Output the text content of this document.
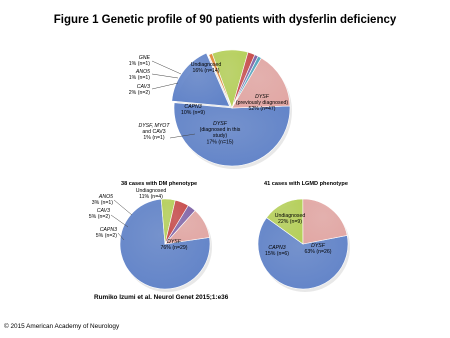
Figure 1 Genetic profile of 90 patients with dysferlin deficiency
DYSF (previously diagnosed) 52% (n=47)
DYSF (diagnosed in this study) 17% (n=15)
DYSF, MYOT and CAV3 1% (n=1)
CAPN3 10% (n=9)
CAV3 2% (n=2)
ANO5 1% (n=1)
GNE 1% (n=1)	Undiagnosed 16% (n=14)
DYSF 76% (n=29)
CAPN3 5% (n=2)
CAV3 5% (n=2)
ANO5 3% (n=1)
Undiagnosed 11% (n=4)
DYSF 63% (n=26)
CAPN3 15% (n=6)
Undiagnosed 22% (n=9)
38 cases with DM phenotype	41 cases with LGMD phenotype
Rumiko Izumi et al. Neurol Genet 2015;1:e36
© 2015 American Academy of Neurology
